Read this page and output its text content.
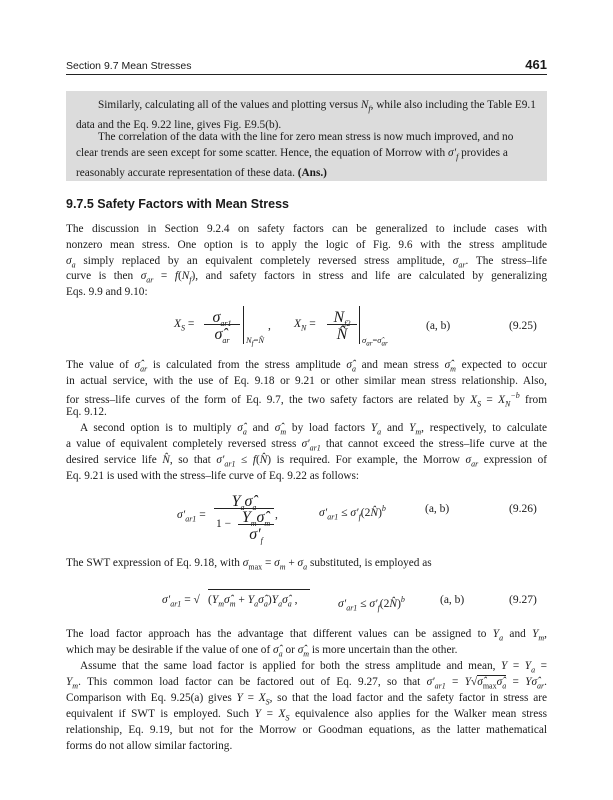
Section 9.7 Mean Stresses	461

Similarly, calculating all of the values and plotting versus $N_f$, while also including the Table E9.1 data and the Eq. 9.22 line, gives Fig. E9.5(b).

The correlation of the data with the line for zero mean stress is now much improved, and no clear trends are seen except for some scatter. Hence, the equation of Morrow with $\sigma'_f$ provides a reasonably accurate representation of these data. (Ans.)

9.7.5 Safety Factors with Mean Stress
The discussion in Section 9.2.4 on safety factors can be generalized to include cases with
nonzero mean stress. One option is to apply the logic of Fig. 9.6 with the stress amplitude
$\sigma_a$ simply replaced by an equivalent completely reversed stress amplitude, $\sigma_{ar}$. The stress–life
curve is then $\sigma_{ar} = f(N_f)$, and safety factors in stress and life are calculated by generalizing
Eqs. 9.9 and 9.10:
$X_S$ =	$\sigma_{ar1}$
$\sigmâ_{ar}$	$N_f=N̂$
, $X_N$ =	$N_{f2}$
N̂	$\sigma_{ar}=\sigmâ_{ar}$
(a, b)	(9.25)
The value of $\sigmâ_{ar}$ is calculated from the stress amplitude $\sigmâ_a$ and mean stress $\sigmâ_m$ expected to occur
in actual service, with the use of Eq. 9.18 or 9.21 or other similar mean stress relationship. Also,
for stress–life curves of the form of Eq. 9.7, the two safety factors are related by $X_S = X_N^{-b}$ from
Eq. 9.12.
A second option is to multiply $\sigmâ_a$ and $\sigmâ_m$ by load factors $Y_a$ and $Y_m$, respectively, to calculate
a value of equivalent completely reversed stress $\sigma'_{ar1}$ that cannot exceed the stress–life curve at the
desired service life N̂, so that $\sigma'_{ar1}$ ≤ f(N̂) is required. For example, the Morrow $\sigma_{ar}$ expression of
Eq. 9.21 is used with the stress–life curve of Eq. 9.22 as follows:
$\sigma'_{ar1}$ =
$Y_a\sigmâ_a$
$1 - Y_m\sigmâ_m$
$\sigma'_f$
,	$\sigma'_{ar1}$ ≤ $\sigma'_f(2N̂)^b$	(a, b)	(9.26)
The SWT expression of Eq. 9.18, with $\sigma_{max} = \sigma_m + \sigma_a$ substituted, is employed as
$\sigma'_{ar1}$ = √ ($Y_m\sigmâ_m$ + $Y_a\sigmâ_a)Y_a\sigmâ_a$ ,	$\sigma'_{ar1}$ ≤ $\sigma'_f(2N̂)^b$	(a, b)	(9.27)
The load factor approach has the advantage that different values can be assigned to $Y_a$ and $Y_m$,
which may be desirable if the value of one of $\sigmâ_a$ or $\sigmâ_m$ is more uncertain than the other.
Assume that the same load factor is applied for both the stress amplitude and mean, $Y = Y_a$ =
$Y_m$. This common load factor can be factored out of Eq. 9.27, so that $\sigma'_{ar1}$ = $Y√\sigmâ_{max}\sigmâ_a$ = $Y\sigmâ_{ar}$.
Comparison with Eq. 9.25(a) gives $Y = X_S$, so that the load factor and the safety factor in stress are
equivalent if SWT is employed. Such $Y = X_S$ equivalence also applies for the Walker mean stress
relationship, Eq. 9.19, but not for the Morrow or Goodman equations, as the latter mathematical
forms do not allow similar factoring.
